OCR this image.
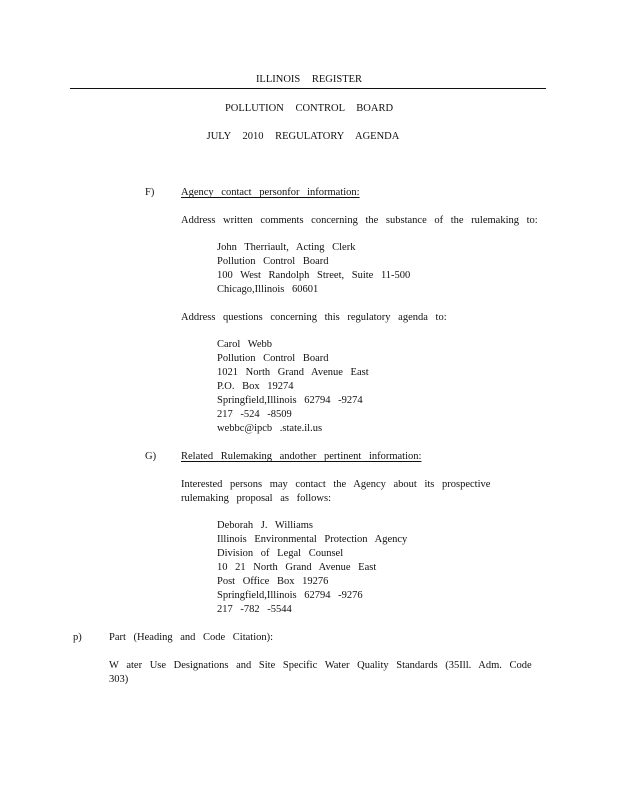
ILLINOIS REGISTER
POLLUTION CONTROL BOARD
JULY 2010 REGULATORY AGENDA
F)	Agency contact personfor information:
Address written comments concerning the substance of the rulemaking to:
John Therriault, Acting Clerk
Pollution Control Board
100 West Randolph Street, Suite 11-500
Chicago,Illinois 60601
Address questions concerning this regulatory agenda to:
Carol Webb
Pollution Control Board
1021 North Grand Avenue East
P.O. Box 19274
Springfield,Illinois 62794 -9274
217 -524 -8509
webbc@ipcb .state.il.us
G) Related Rulemaking andother pertinent information:
Interested persons may contact the Agency about its prospective
rulemaking proposal as follows:
Deborah J. Williams
Illinois Environmental Protection Agency
Division of Legal Counsel
10 21 North Grand Avenue East
Post Office Box 19276
Springfield,Illinois 62794 -9276
217 -782 -5544
p)	Part (Heading and Code Citation):
W ater Use Designations and Site Specific Water Quality Standards (35Ill. Adm. Code
303)
